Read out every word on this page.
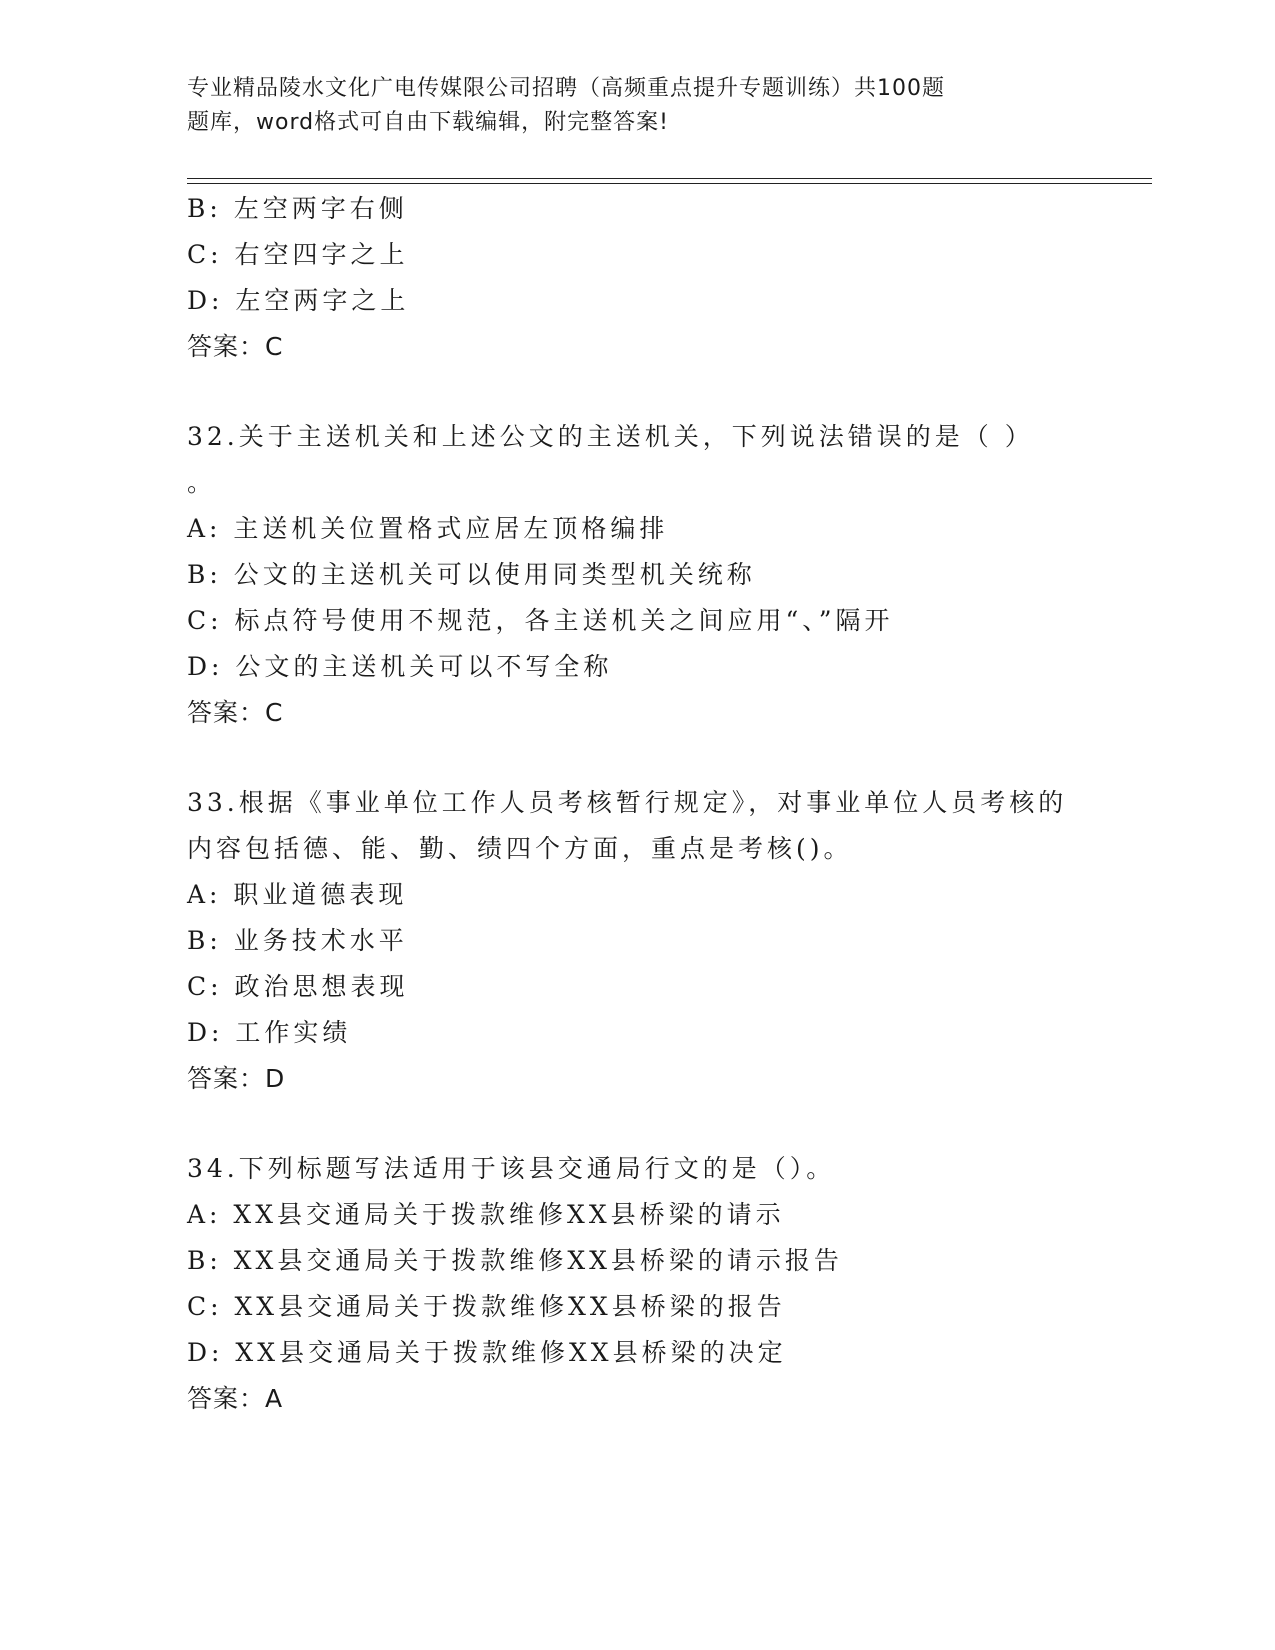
专业精品陵水文化广电传媒限公司招聘（高频重点提升专题训练）共100题
题库，word格式可自由下载编辑，附完整答案!
B: 左空两字右侧
C: 右空四字之上
D: 左空两字之上
答案：C
32.关于主送机关和上述公文的主送机关，下列说法错误的是（ ）
。
A: 主送机关位置格式应居左顶格编排
B: 公文的主送机关可以使用同类型机关统称
C: 标点符号使用不规范，各主送机关之间应用“、”隔开
D: 公文的主送机关可以不写全称
答案：C
33.根据《事业单位工作人员考核暂行规定》，对事业单位人员考核的
内容包括德、能、勤、绩四个方面，重点是考核()。
A: 职业道德表现
B: 业务技术水平
C: 政治思想表现
D: 工作实绩
答案：D
34.下列标题写法适用于该县交通局行文的是（）。
A: XX县交通局关于拨款维修XX县桥梁的请示
B: XX县交通局关于拨款维修XX县桥梁的请示报告
C: XX县交通局关于拨款维修XX县桥梁的报告
D: XX县交通局关于拨款维修XX县桥梁的决定
答案：A
